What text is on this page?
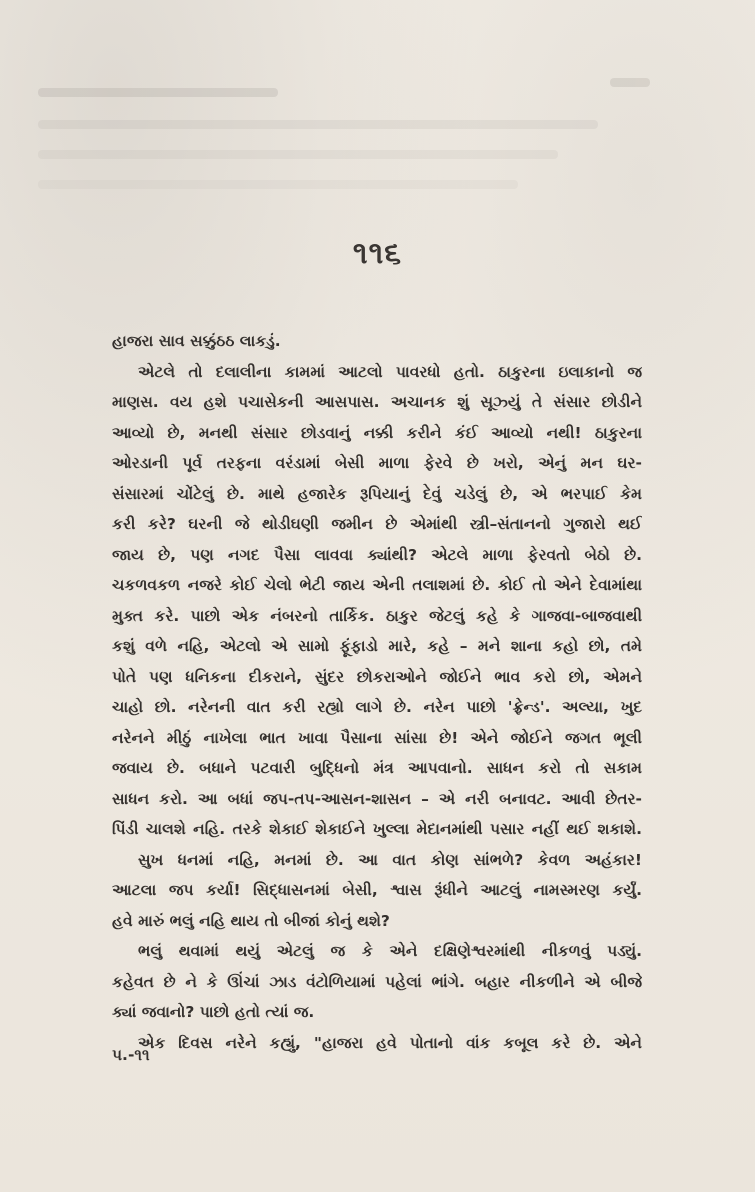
૧૧૬
હાજરા સાવ સક્કુંઠઠ લાકડું.
એટલે તો દલાલીના કામમાં આટલો પાવરધો હતો. ઠાકુરના ઇલાકાનો જ
માણસ. વય હશે પચાસેકની આસપાસ. અચાનક શું સૂઝ્યું તે સંસાર છોડીને
આવ્યો છે, મનથી સંસાર છોડવાનું નક્કી કરીને કંઈ આવ્યો નથી! ઠાકુરના
ઓરડાની પૂર્વ તરફના વરંડામાં બેસી માળા ફેરવે છે ખરો, એનું મન ઘર-
સંસારમાં ચોંટેલું છે. માથે હજારેક રૂપિયાનું દેવું ચડેલું છે, એ ભરપાઈ કેમ
કરી કરે? ઘરની જે થોડીઘણી જમીન છે એમાંથી સ્ત્રી–સંતાનનો ગુજારો થઈ
જાય છે, પણ નગદ પૈસા લાવવા ક્યાંથી? એટલે માળા ફેરવતો બેઠો છે.
ચકળવકળ નજરે કોઈ ચેલો ભેટી જાય એની તલાશમાં છે. કોઈ તો એને દેવામાંથા
મુક્ત કરે. પાછો એક નંબરનો તાર્કિક. ઠાકુર જેટલું કહે કે ગાજવા-બાજવાથી
કશું વળે નહિ, એટલો એ સામો ફૂંફાડો મારે, કહે – મને શાના કહો છો, તમે
પોતે પણ ધનિકના દીકરાને, સુંદર છોકરાઓને જોઈને ભાવ કરો છો, એમને
ચાહો છો. નરેનની વાત કરી રહ્યો લાગે છે. નરેન પાછો 'ફ્રેન્ડ'. અલ્યા, ખુદ
નરેનને મીઠું નાખેલા ભાત ખાવા પૈસાના સાંસા છે! એને જોઈને જગત ભૂલી
જવાય છે. બધાને પટવારી બુદ્ધિનો મંત્ર આપવાનો. સાધન કરો તો સકામ
સાધન કરો. આ બધાં જપ-તપ-આસન-શાસન – એ નરી બનાવટ. આવી છેતર-
પિંડી ચાલશે નહિ. તરકે શેકાઈ શેકાઈને ખુલ્લા મેદાનમાંથી પસાર નહીં થઈ શકાશે.
સુખ ધનમાં નહિ, મનમાં છે. આ વાત કોણ સાંભળે? કેવળ અહંકાર!
આટલા જપ કર્યા! સિદ્ધાસનમાં બેસી, શ્વાસ રૂંધીને આટલું નામસ્મરણ કર્યું.
હવે મારું ભલું નહિ થાય તો બીજાં કોનું થશે?
ભલું થવામાં થયું એટલું જ કે એને દક્ષિણેશ્વરમાંથી નીકળવું પડ્યું.
કહેવત છે ને કે ઊંચાં ઝાડ વંટોળિયામાં પહેલાં ભાંગે. બહાર નીકળીને એ બીજે
ક્યાં જવાનો? પાછો હતો ત્યાં જ.
એક દિવસ નરેને કહ્યું, "હાજરા હવે પોતાનો વાંક કબૂલ કરે છે. એને
પ.-૧૧
